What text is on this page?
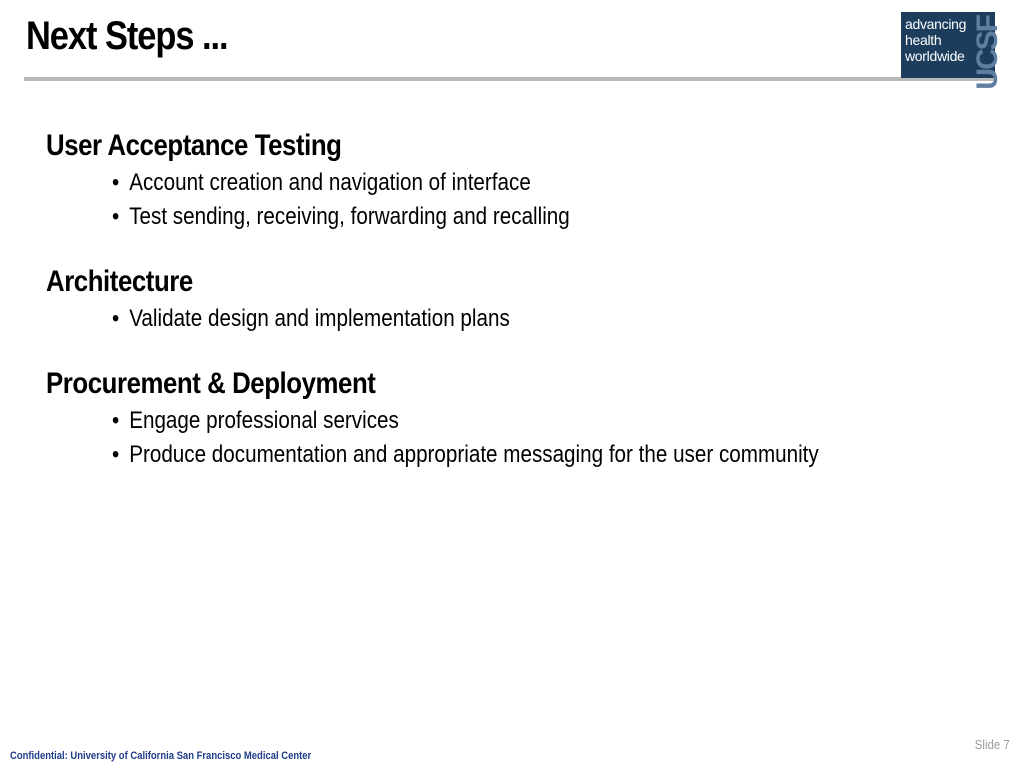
Next Steps ...	advancing
health
worldwide UCSF
User Acceptance Testing
• Account creation and navigation of interface
• Test sending, receiving, forwarding and recalling
Architecture
• Validate design and implementation plans
Procurement & Deployment
• Engage professional services
• Produce documentation and appropriate messaging for the user community
Confidential: University of California San Francisco Medical Center
Slide 7
